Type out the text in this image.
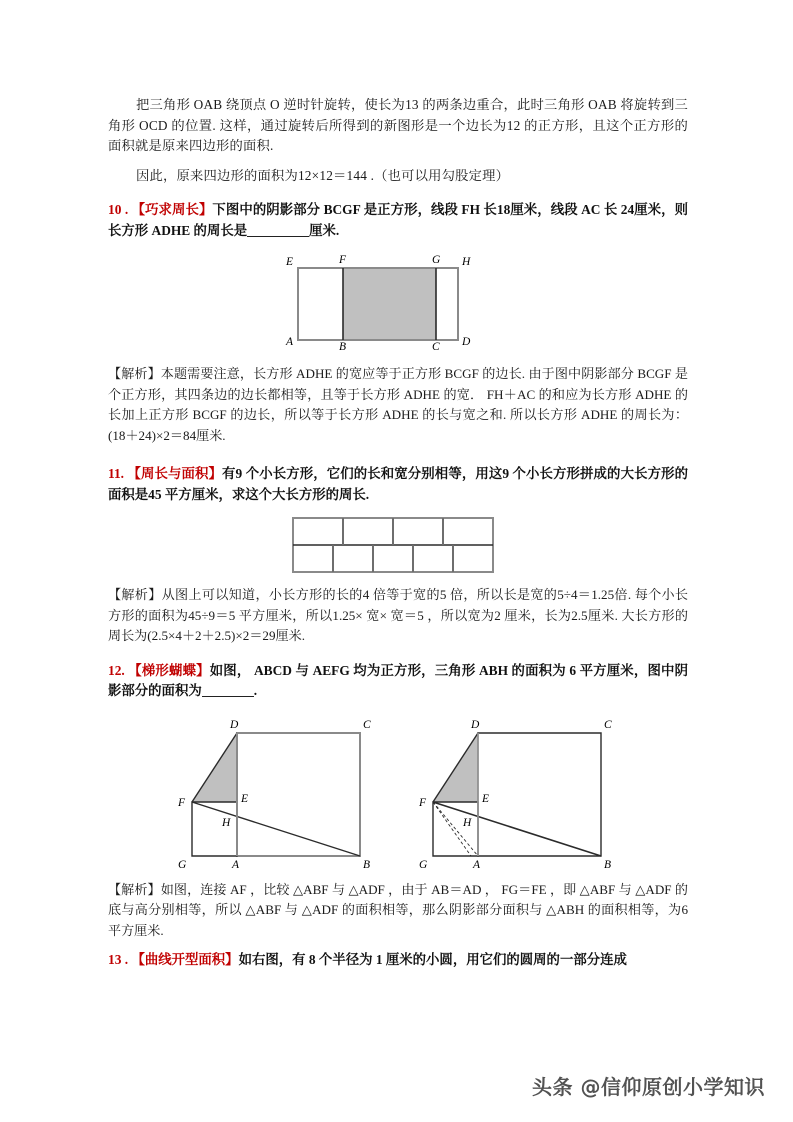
把三角形 OAB 绕顶点 O 逆时针旋转，使长为13 的两条边重合，此时三角形 OAB 将旋转到三角形 OCD 的位置. 这样，通过旋转后所得到的新图形是一个边长为12 的正方形，且这个正方形的面积就是原来四边形的面积.
因此，原来四边形的面积为12×12＝144 .（也可以用勾股定理）
10 . 【巧求周长】下图中的阴影部分 BCGF 是正方形，线段 FH 长18厘米，线段 AC 长 24厘米，则长方形 ADHE 的周长是	厘米.
E	F	G H
A	B	C D
【解析】本题需要注意，长方形 ADHE 的宽应等于正方形 BCGF 的边长. 由于图中阴影部分 BCGF 是个正方形，其四条边的边长都相等，且等于长方形 ADHE 的宽． FH＋AC 的和应为长方形 ADHE 的长加上正方形 BCGF 的边长，所以等于长方形 ADHE 的长与宽之和. 所以长方形 ADHE 的周长为：(18＋24)×2＝84厘米.
11. 【周长与面积】有9 个小长方形，它们的长和宽分别相等，用这9 个小长方形拼成的大长方形的面积是45 平方厘米，求这个大长方形的周长.
【解析】从图上可以知道，小长方形的长的4 倍等于宽的5 倍，所以长是宽的5÷4＝1.25倍. 每个小长方形的面积为45÷9＝5 平方厘米，所以1.25× 宽× 宽＝5 ，所以宽为2 厘米，长为2.5厘米. 大长方形的周长为(2.5×4＋2＋2.5)×2＝29厘米.
12. 【梯形蝴蝶】如图， ABCD 与 AEFG 均为正方形，三角形 ABH 的面积为 6 平方厘米，图中阴影部分的面积为	.
D	C
F	E
H
G	A	B
D	C
F	E
H
G	A	B
【解析】如图，连接 AF ，比较 △ABF 与 △ADF ，由于 AB＝AD ， FG＝FE ，即 △ABF 与 △ADF 的底与高分别相等，所以 △ABF 与 △ADF 的面积相等，那么阴影部分面积与 △ABH 的面积相等，为6 平方厘米.
13 . 【曲线开型面积】如右图，有 8 个半径为 1 厘米的小圆，用它们的圆周的一部分连成
头条 @信仰原创小学知识
